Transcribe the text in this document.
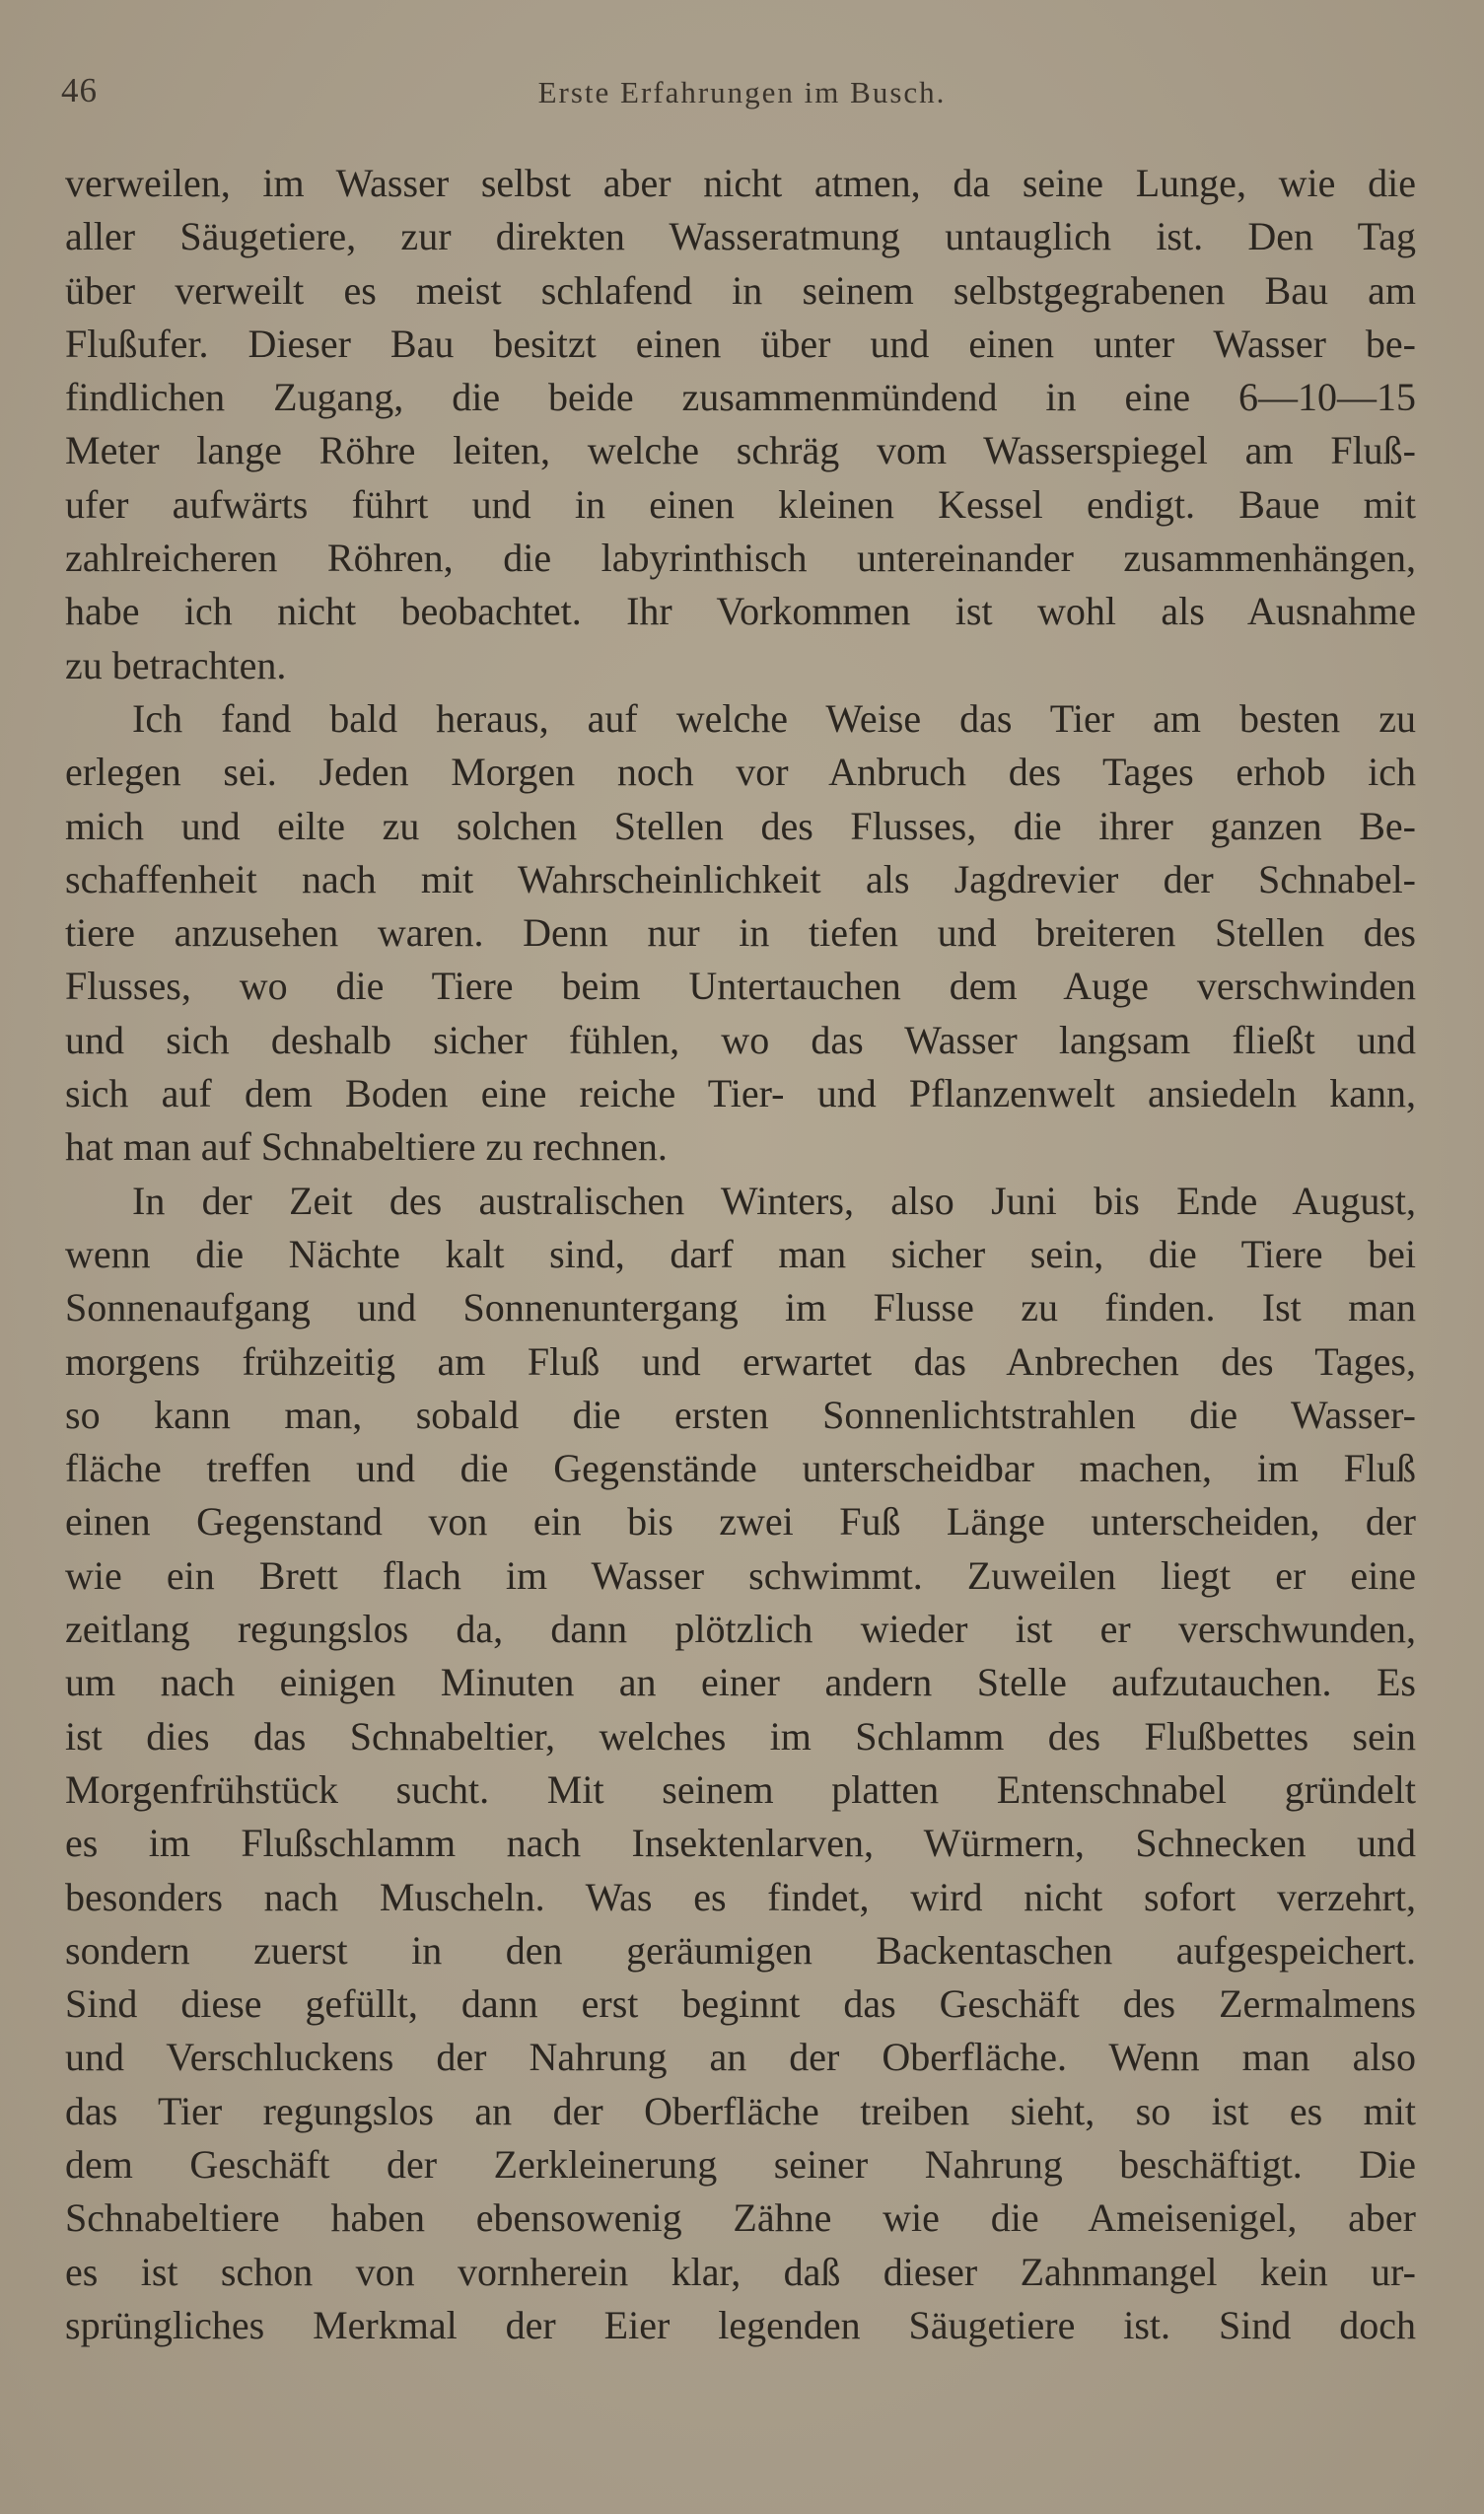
46	Erste Erfahrungen im Busch.
verweilen, im Wasser selbst aber nicht atmen, da seine Lunge, wie die
aller Säugetiere, zur direkten Wasseratmung untauglich ist. Den Tag
über verweilt es meist schlafend in seinem selbstgegrabenen Bau am
Flußufer. Dieser Bau besitzt einen über und einen unter Wasser be-
findlichen Zugang, die beide zusammenmündend in eine 6—10—15
Meter lange Röhre leiten, welche schräg vom Wasserspiegel am Fluß-
ufer aufwärts führt und in einen kleinen Kessel endigt. Baue mit
zahlreicheren Röhren, die labyrinthisch untereinander zusammenhängen,
habe ich nicht beobachtet. Ihr Vorkommen ist wohl als Ausnahme
zu betrachten.
Ich fand bald heraus, auf welche Weise das Tier am besten zu
erlegen sei. Jeden Morgen noch vor Anbruch des Tages erhob ich
mich und eilte zu solchen Stellen des Flusses, die ihrer ganzen Be-
schaffenheit nach mit Wahrscheinlichkeit als Jagdrevier der Schnabel-
tiere anzusehen waren. Denn nur in tiefen und breiteren Stellen des
Flusses, wo die Tiere beim Untertauchen dem Auge verschwinden
und sich deshalb sicher fühlen, wo das Wasser langsam fließt und
sich auf dem Boden eine reiche Tier- und Pflanzenwelt ansiedeln kann,
hat man auf Schnabeltiere zu rechnen.
In der Zeit des australischen Winters, also Juni bis Ende August,
wenn die Nächte kalt sind, darf man sicher sein, die Tiere bei
Sonnenaufgang und Sonnenuntergang im Flusse zu finden. Ist man
morgens frühzeitig am Fluß und erwartet das Anbrechen des Tages,
so kann man, sobald die ersten Sonnenlichtstrahlen die Wasser-
fläche treffen und die Gegenstände unterscheidbar machen, im Fluß
einen Gegenstand von ein bis zwei Fuß Länge unterscheiden, der
wie ein Brett flach im Wasser schwimmt. Zuweilen liegt er eine
zeitlang regungslos da, dann plötzlich wieder ist er verschwunden,
um nach einigen Minuten an einer andern Stelle aufzutauchen. Es
ist dies das Schnabeltier, welches im Schlamm des Flußbettes sein
Morgenfrühstück sucht. Mit seinem platten Entenschnabel gründelt
es im Flußschlamm nach Insektenlarven, Würmern, Schnecken und
besonders nach Muscheln. Was es findet, wird nicht sofort verzehrt,
sondern zuerst in den geräumigen Backentaschen aufgespeichert.
Sind diese gefüllt, dann erst beginnt das Geschäft des Zermalmens
und Verschluckens der Nahrung an der Oberfläche. Wenn man also
das Tier regungslos an der Oberfläche treiben sieht, so ist es mit
dem Geschäft der Zerkleinerung seiner Nahrung beschäftigt. Die
Schnabeltiere haben ebensowenig Zähne wie die Ameisenigel, aber
es ist schon von vornherein klar, daß dieser Zahnmangel kein ur-
sprüngliches Merkmal der Eier legenden Säugetiere ist. Sind doch
